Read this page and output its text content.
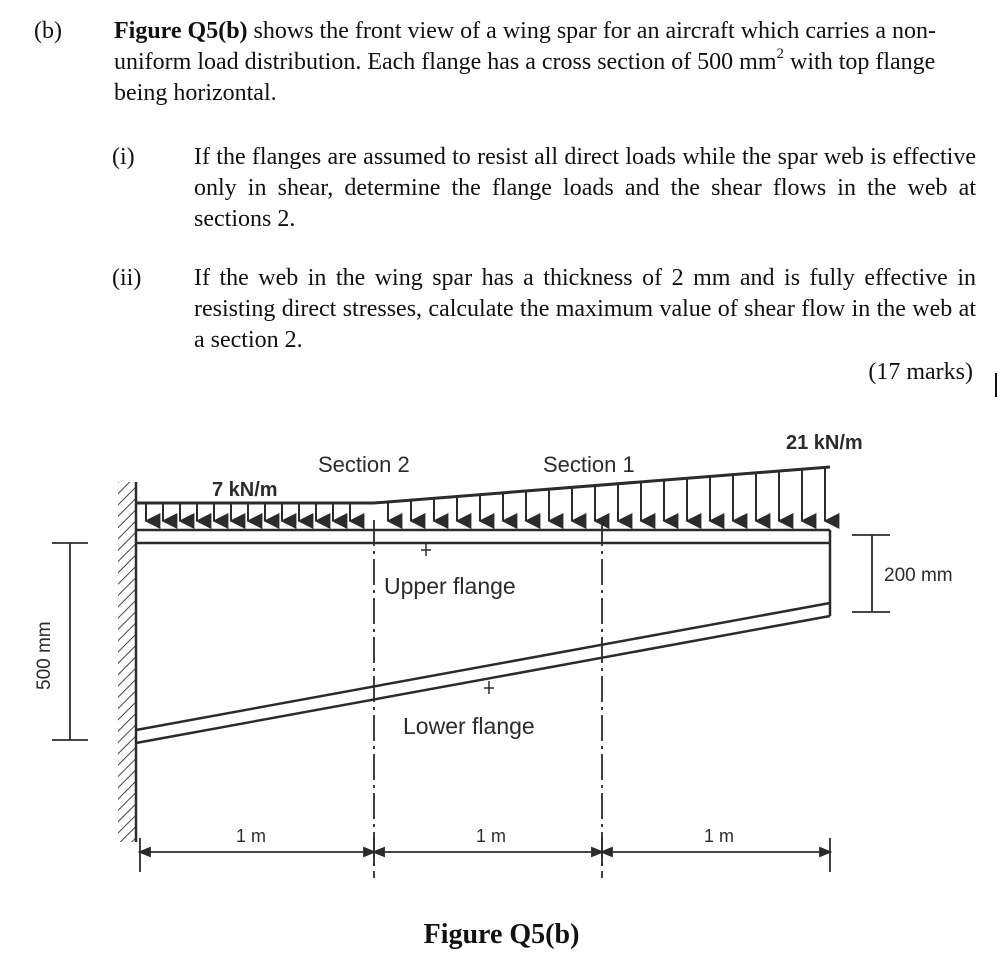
(b) Figure Q5(b) shows the front view of a wing spar for an aircraft which carries a non-uniform load distribution. Each flange has a cross section of 500 $mm^2$ with top flange being horizontal.
(i) If the flanges are assumed to resist all direct loads while the spar web is effective only in shear, determine the flange loads and the shear flows in the web at sections 2.
(ii) If the web in the wing spar has a thickness of 2 mm and is fully effective in resisting direct stresses, calculate the maximum value of shear flow in the web at a section 2.
(17 marks)
7 kN/m
21 kN/m
Section 2	Section 1
Upper flange
Lower flange
500 mm
200 mm
1 m	1 m	1 m
Figure Q5(b)
